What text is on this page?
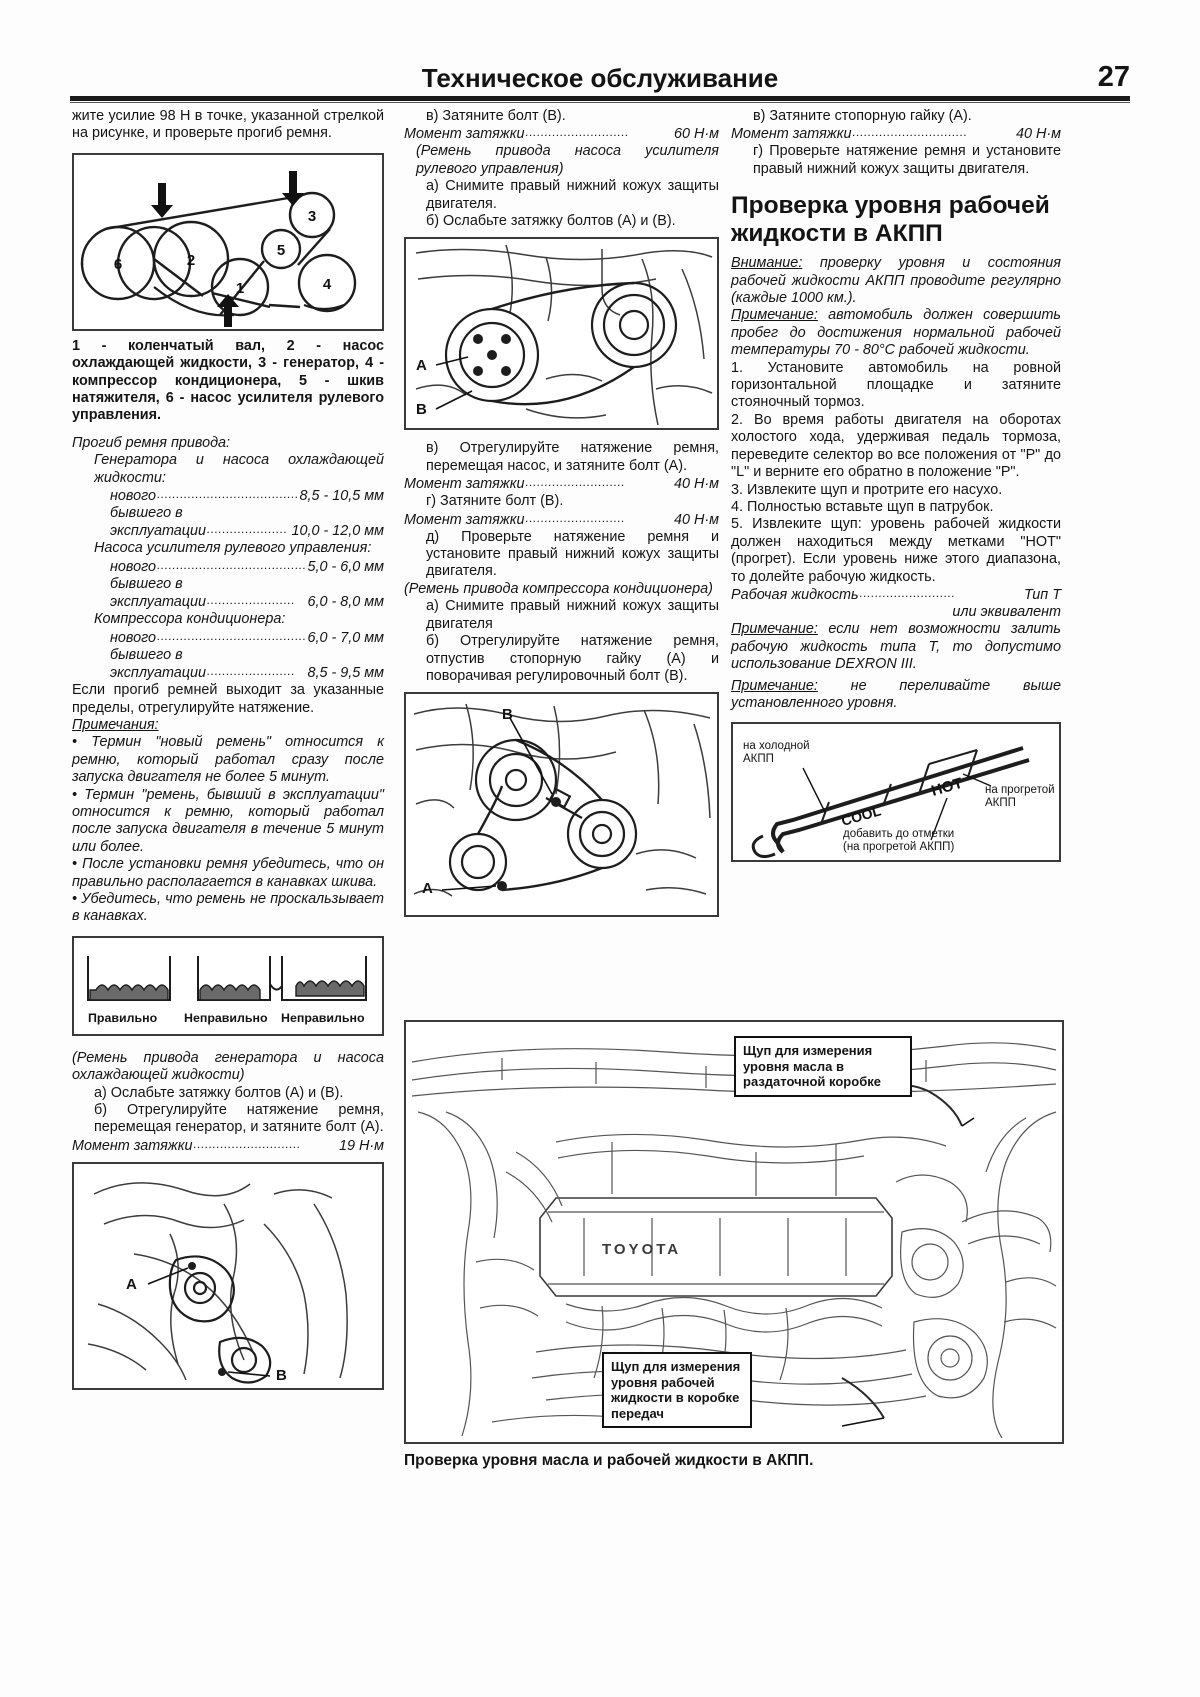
Техническое обслуживание	27

жите усилие 98 Н в точке, указанной стрелкой на рисунке, и проверьте прогиб ремня.

6	2
3
5
1	4

1 - коленчатый вал, 2 - насос охлаждающей жидкости, 3 - генератор, 4 - компрессор кондиционера, 5 - шкив натяжителя, 6 - насос усилителя рулевого управления.

Прогиб ремня привода:

Генератора и насоса охлаждающей жидкости:

нового ..................................... 8,5 - 10,5 мм

бывшего в

эксплуатации ..................... 10,0 - 12,0 мм

Насоса усилителя рулевого управления:

нового ....................................... 5,0 - 6,0 мм

бывшего в

эксплуатации ....................... 6,0 - 8,0 мм

Компрессора кондиционера:

нового ....................................... 6,0 - 7,0 мм

бывшего в

эксплуатации ....................... 8,5 - 9,5 мм

Если прогиб ремней выходит за указанные пределы, отрегулируйте натяжение.

Примечания:

• Термин "новый ремень" относится к ремню, который работал сразу после запуска двигателя не более 5 минут.

• Термин "ремень, бывший в эксплуатации" относится к ремню, который работал после запуска двигателя в течение 5 минут или более.

• После установки ремня убедитесь, что он правильно располагается в канавках шкива.

• Убедитесь, что ремень не проскальзывает в канавках.

Правильно Неправильно Неправильно

(Ремень привода генератора и насоса охлаждающей жидкости)

а) Ослабьте затяжку болтов (А) и (В).

б) Отрегулируйте натяжение ремня, перемещая генератор, и затяните болт (А).

Момент затяжки ............................	19 Н·м
A
B

в) Затяните болт (В).

Момент затяжки ...........................	60 Н·м

(Ремень привода насоса усилителя рулевого управления)

а) Снимите правый нижний кожух защиты двигателя.

б) Ослабьте затяжку болтов (А) и (В).

A
B

в) Отрегулируйте натяжение ремня, перемещая насос, и затяните болт (А).

Момент затяжки ..........................	40 Н·м

г) Затяните болт (В).

Момент затяжки ..........................	40 Н·м

д) Проверьте натяжение ремня и установите правый нижний кожух защиты двигателя.

(Ремень привода компрессора кондиционера)

а) Снимите правый нижний кожух защиты двигателя

б) Отрегулируйте натяжение ремня, отпустив стопорную гайку (А) и поворачивая регулировочный болт (В).

B
A

в) Затяните стопорную гайку (А).

Момент затяжки ..............................	40 Н·м

г) Проверьте натяжение ремня и установите правый нижний кожух защиты двигателя.

Проверка уровня рабочей жидкости в АКПП

Внимание: проверку уровня и состояния рабочей жидкости АКПП проводите регулярно (каждые 1000 км.).

Примечание: автомобиль должен совершить пробег до достижения нормальной рабочей температуры 70 - 80°С рабочей жидкости.

1. Установите автомобиль на ровной горизонтальной площадке и затяните стояночный тормоз.

2. Во время работы двигателя на оборотах холостого хода, удерживая педаль тормоза, переведите селектор во все положения от "P" до "L" и верните его обратно в положение "P".

3. Извлеките щуп и протрите его насухо.

4. Полностью вставьте щуп в патрубок.

5. Извлеките щуп: уровень рабочей жидкости должен находиться между метками "HOT" (прогрет). Если уровень ниже этого диапазона, то долейте рабочую жидкость.

Рабочая жидкость .........................	Тип T

или эквивалент

Примечание: если нет возможности залить рабочую жидкость типа T, то допустимо использование DEXRON III.

Примечание: не переливайте выше установленного уровня.

COOL
HOT
на холодной
АКПП
на прогретой
АКПП
добавить до отметки
(на прогретой АКПП)
TOYOTA
Щуп для измерения уровня масла в раздаточной коробке
Щуп для измерения уровня рабочей жидкости в коробке передач
Проверка уровня масла и рабочей жидкости в АКПП.
